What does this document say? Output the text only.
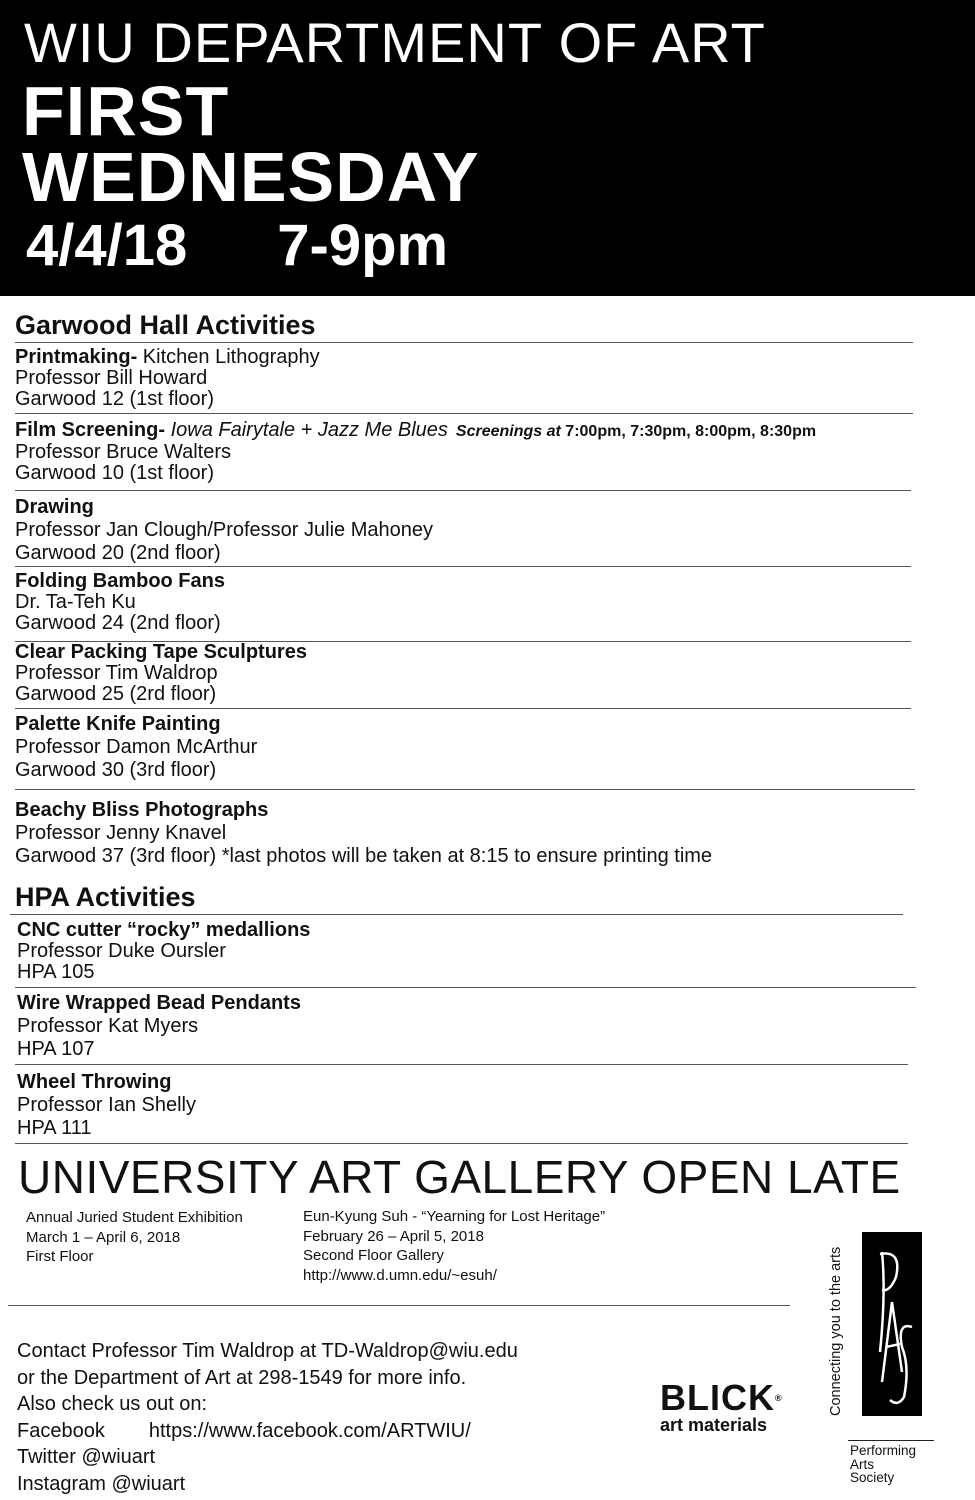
WIU DEPARTMENT OF ART
FIRST
WEDNESDAY
4/4/18 7-9pm
Garwood Hall Activities
Printmaking- Kitchen Lithography
Professor Bill Howard
Garwood 12 (1st floor)
Film Screening- Iowa Fairytale + Jazz Me Blues Screenings at 7:00pm, 7:30pm, 8:00pm, 8:30pm
Professor Bruce Walters
Garwood 10 (1st floor)
Drawing
Professor Jan Clough/Professor Julie Mahoney
Garwood 20 (2nd floor)
Folding Bamboo Fans
Dr. Ta-Teh Ku
Garwood 24 (2nd floor)
Clear Packing Tape Sculptures
Professor Tim Waldrop
Garwood 25 (2rd floor)
Palette Knife Painting
Professor Damon McArthur
Garwood 30 (3rd floor)
Beachy Bliss Photographs
Professor Jenny Knavel
Garwood 37 (3rd floor) *last photos will be taken at 8:15 to ensure printing time
HPA Activities
CNC cutter “rocky” medallions
Professor Duke Oursler
HPA 105
Wire Wrapped Bead Pendants
Professor Kat Myers
HPA 107
Wheel Throwing
Professor Ian Shelly
HPA 111
UNIVERSITY ART GALLERY OPEN LATE
Annual Juried Student Exhibition
March 1 – April 6, 2018
First Floor
Eun-Kyung Suh - “Yearning for Lost Heritage”
February 26 – April 5, 2018
Second Floor Gallery
http://www.d.umn.edu/~esuh/
Contact Professor Tim Waldrop at TD-Waldrop@wiu.edu
or the Department of Art at 298-1549 for more info.
Also check us out on:
Facebook https://www.facebook.com/ARTWIU/
Twitter @wiuart
Instagram @wiuart
BLICK®
art materials
Connecting you to the arts
Performing
Arts
Society
